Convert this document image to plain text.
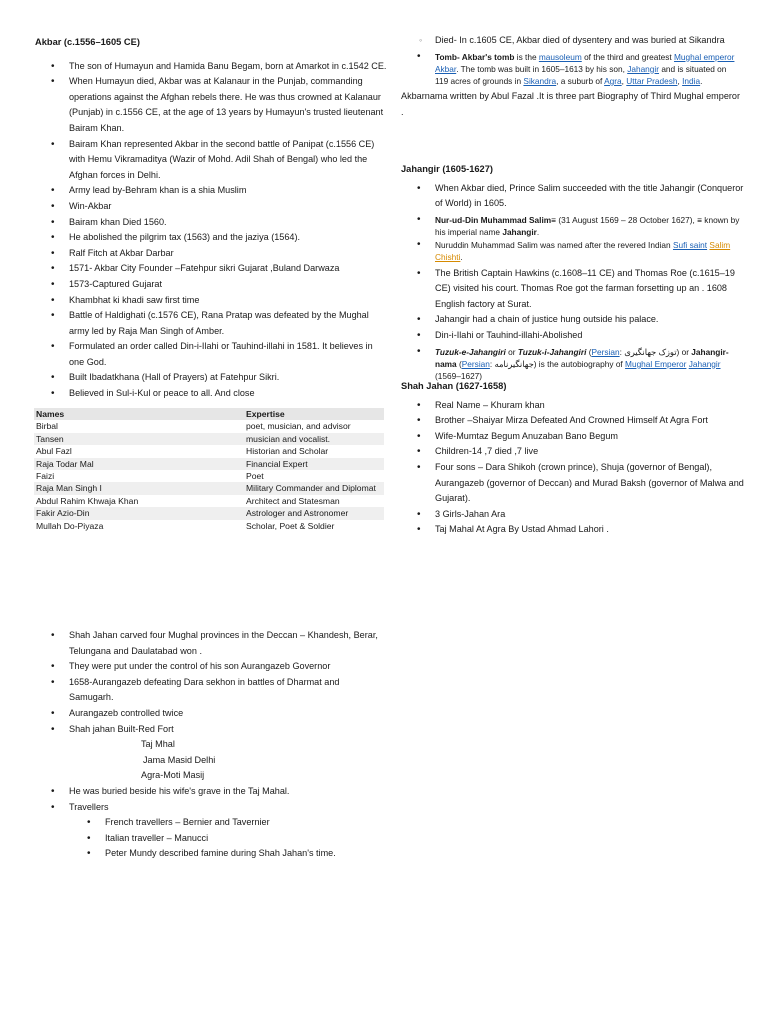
Akbar (c.1556–1605 CE)

• The son of Humayun and Hamida Banu Begam, born at Amarkot in c.1542 CE.
• When Humayun died, Akbar was at Kalanaur in the Punjab, commanding operations against the Afghan rebels there. He was thus crowned at Kalanaur (Punjab) in c.1556 CE, at the age of 13 years by Humayun's trusted lieutenant Bairam Khan.
• Bairam Khan represented Akbar in the second battle of Panipat (c.1556 CE) with Hemu Vikramaditya (Wazir of Mohd. Adil Shah of Bengal) who led the Afghan forces in Delhi.
• Army lead by-Behram khan is a shia Muslim
• Win-Akbar
• Bairam khan Died 1560.
• He abolished the pilgrim tax (1563) and the jaziya (1564).
• Ralf Fitch at Akbar Darbar
• 1571- Akbar City Founder –Fatehpur sikri Gujarat ,Buland Darwaza
• 1573-Captured Gujarat
• Khambhat ki khadi saw first time
• Battle of Haldighati (c.1576 CE), Rana Pratap was defeated by the Mughal army led by Raja Man Singh of Amber.
• Formulated an order called Din-i-Ilahi or Tauhind-illahi in 1581. It believes in one God.
• Built Ibadatkhana (Hall of Prayers) at Fatehpur Sikri.
• Believed in Sul-i-Kul or peace to all. And close
Names	Expertise
Birbal	poet, musician, and advisor
Tansen	musician and vocalist.
Abul Fazl	Historian and Scholar
Raja Todar Mal	Financial Expert
Faizi	Poet
Raja Man Singh I	Military Commander and Diplomat
Abdul Rahim Khwaja Khan	Architect and Statesman
Fakir Azio-Din	Astrologer and Astronomer
Mullah Do-Piyaza	Scholar, Poet & Soldier
◦ Died- In c.1605 CE, Akbar died of dysentery and was buried at Sikandra
• Tomb- Akbar's tomb is the mausoleum of the third and greatest Mughal emperor Akbar. The tomb was built in 1605–1613 by his son, Jahangir and is situated on 119 acres of grounds in Sikandra, a suburb of Agra, Uttar Pradesh, India.

Akbarnama written by Abul Fazal .It is three part Biography of Third Mughal emperor .

Jahangir (1605-1627)

• When Akbar died, Prince Salim succeeded with the title Jahangir (Conqueror of World) in 1605.
• Nur-ud-Din Muhammad Salim≡ (31 August 1569 – 28 October 1627), ≡ known by his imperial name Jahangir.
• Nuruddin Muhammad Salim was named after the revered Indian Sufi saint Salim Chishti.
• The British Captain Hawkins (c.1608–11 CE) and Thomas Roe (c.1615–19 CE) visited his court. Thomas Roe got the farman forsetting up an . 1608 English factory at Surat.
• Jahangir had a chain of justice hung outside his palace.
• Din-i-Ilahi or Tauhind-illahi-Abolished
• Tuzuk-e-Jahangiri or Tuzuk-i-Jahangiri (Persian: توزک جهانگیری) or Jahangir-nama (Persian: جهانگیرنامه) is the autobiography of Mughal Emperor Jahangir (1569–1627)

Shah Jahan (1627-1658)

• Real Name – Khuram khan
• Brother –Shaiyar Mirza Defeated And Crowned Himself At Agra Fort
• Wife-Mumtaz Begum Anuzaban Bano Begum
• Children-14 ,7 died ,7 live
• Four sons – Dara Shikoh (crown prince), Shuja (governor of Bengal), Aurangazeb (governor of Deccan) and Murad Baksh (governor of Malwa and Gujarat).
• 3 Girls-Jahan Ara
• Taj Mahal At Agra By Ustad Ahmad Lahori .
• Shah Jahan carved four Mughal provinces in the Deccan – Khandesh, Berar, Telungana and Daulatabad won .
• They were put under the control of his son Aurangazeb Governor
• 1658-Aurangazeb defeating Dara sekhon in battles of Dharmat and Samugarh.
• Aurangazeb controlled twice
• Shah jahan Built-Red Fort
Taj Mhal
Jama Masid Delhi
Agra-Moti Masij
• He was buried beside his wife's grave in the Taj Mahal.
• Travellers
• French travellers – Bernier and Tavernier
• Italian traveller – Manucci
• Peter Mundy described famine during Shah Jahan's time.
